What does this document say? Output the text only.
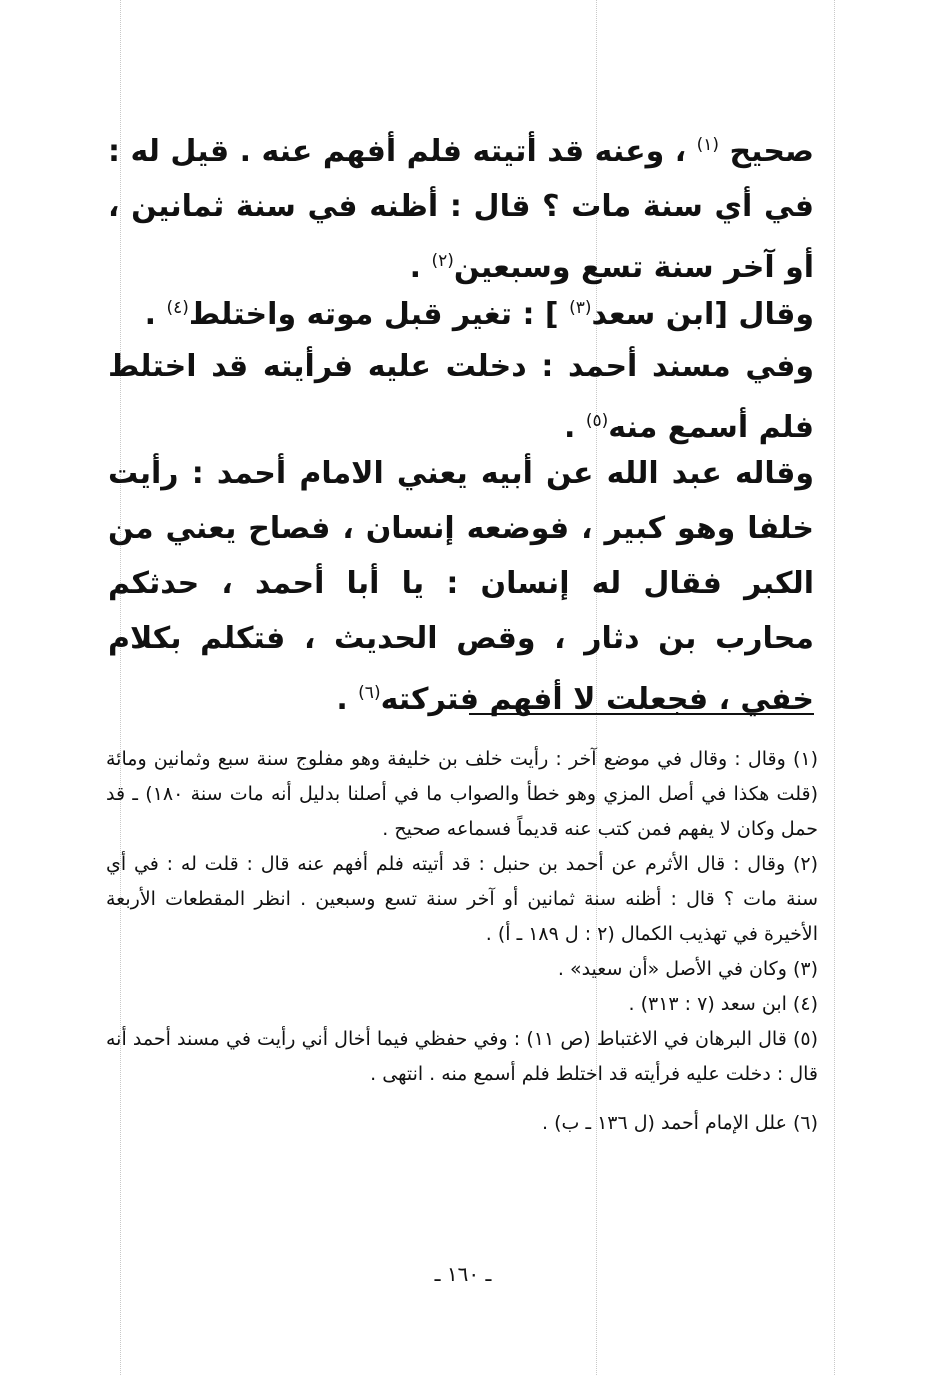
صحيح $^{(١)}$ ، وعنه قد أتيته فلم أفهم عنه . قيل له : في أي سنة مات ؟ قال : أظنه في سنة ثمانين ، أو آخر سنة تسع وسبعين$^{(٢)}$ .

وقال [ابن سعد$^{(٣)}$ ] : تغير قبل موته واختلط$^{(٤)}$ .

وفي مسند أحمد : دخلت عليه فرأيته قد اختلط فلم أسمع منه$^{(٥)}$ .

وقاله عبد الله عن أبيه يعني الامام أحمد : رأيت خلفا وهو كبير ، فوضعه إنسان ، فصاح يعني من الكبر فقال له إنسان : يا أبا أحمد ، حدثكم محارب بن دثار ، وقص الحديث ، فتكلم بكلام خفي ، فجعلت لا أفهم فتركته$^{(٦)}$ .

(١) وقال : وقال في موضع آخر : رأيت خلف بن خليفة وهو مفلوج سنة سبع وثمانين ومائة (قلت هكذا في أصل المزي وهو خطأ والصواب ما في أصلنا بدليل أنه مات سنة ١٨٠) ـ قد حمل وكان لا يفهم فمن كتب عنه قديماً فسماعه صحيح .

(٢) وقال : قال الأثرم عن أحمد بن حنبل : قد أتيته فلم أفهم عنه قال : قلت له : في أي سنة مات ؟ قال : أظنه سنة ثمانين أو آخر سنة تسع وسبعين . انظر المقطعات الأربعة الأخيرة في تهذيب الكمال (٢ : ل ١٨٩ ـ أ) .

(٣) وكان في الأصل «أن سعيد» .

(٤) ابن سعد (٧ : ٣١٣) .

(٥) قال البرهان في الاغتباط (ص ١١) : وفي حفظي فيما أخال أني رأيت في مسند أحمد أنه قال : دخلت عليه فرأيته قد اختلط فلم أسمع منه . انتهى .

(٦) علل الإمام أحمد (ل ١٣٦ ـ ب) .

ـ ١٦٠ ـ
